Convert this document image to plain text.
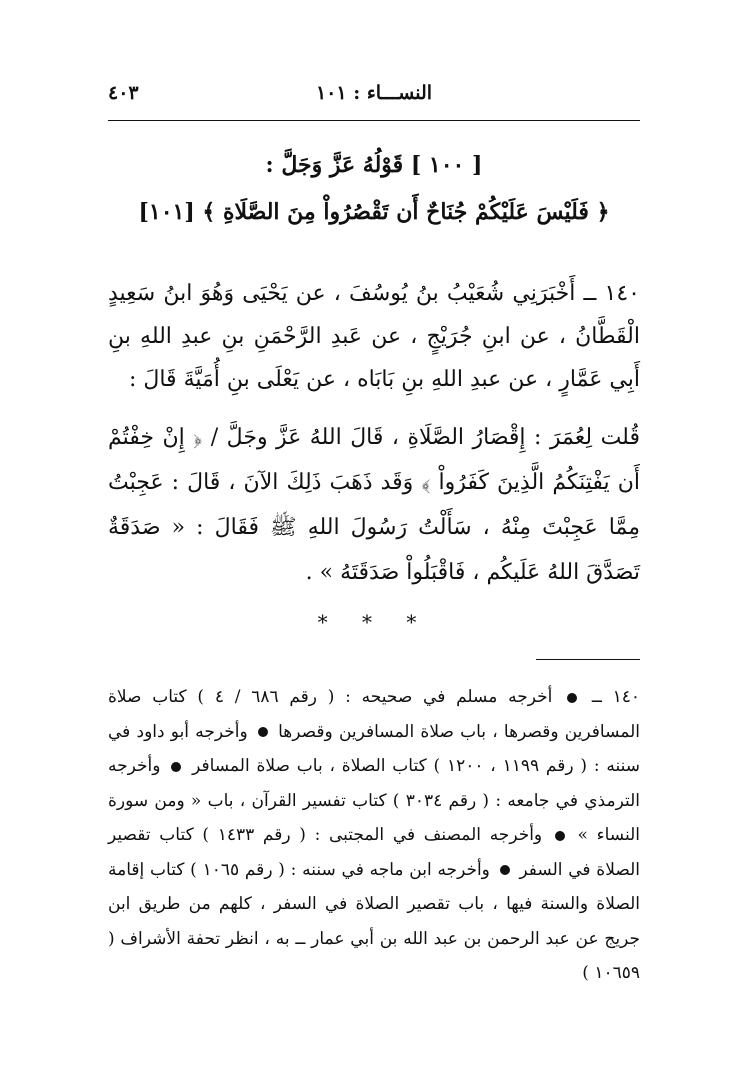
٤٠٣	النســـاء : ١٠١
[ ١٠٠ ] قَوْلُهُ عَزَّ وَجَلَّ :
﴿ فَلَيْسَ عَلَيْكُمْ جُنَاحٌ أَن تَقْصُرُواْ مِنَ الصَّلَاةِ ﴾ [١٠١]
١٤٠ ــ أَخْبَرَنِي شُعَيْبُ بنُ يُوسُفَ ، عن يَحْيَى وَهُوَ ابنُ سَعِيدٍ الْقَطَّانُ ، عن ابنِ جُرَيْجٍ ، عن عَبدِ الرَّحْمَنِ بنِ عبدِ اللهِ بنِ أَبِي عَمَّارٍ ، عن عبدِ اللهِ بنِ بَابَاه ، عن يَعْلَى بنِ أُمَيَّةَ قَالَ :
قُلت لِعُمَرَ : إِقْصَارُ الصَّلَاةِ ، قَالَ اللهُ عَزَّ وجَلَّ / ﴿ إِنْ خِفْتُمْ أَن يَفْتِنَكُمُ الَّذِينَ كَفَرُواْ ﴾ وَقَد ذَهَبَ ذَلِكَ الآنَ ، قَالَ : عَجِبْتُ مِمَّا عَجِبْتَ مِنْهُ ، سَأَلْتُ رَسُولَ اللهِ ﷺ فَقَالَ : « صَدَقَةٌ تَصَدَّقَ اللهُ عَلَيكُم ، فَاقْبَلُواْ صَدَقَتَهُ » .
* * *
١٤٠ ــ  أخرجه مسلم في صحيحه : ( رقم ٦٨٦ / ٤ ) كتاب صلاة المسافرين وقصرها ، باب صلاة المسافرين وقصرها  وأخرجه أبو داود في سننه : ( رقم ١١٩٩ ، ١٢٠٠ ) كتاب الصلاة ، باب صلاة المسافر  وأخرجه الترمذي في جامعه : ( رقم ٣٠٣٤ ) كتاب تفسير القرآن ، باب « ومن سورة النساء »  وأخرجه المصنف في المجتبى : ( رقم ١٤٣٣ ) كتاب تقصير الصلاة في السفر  وأخرجه ابن ماجه في سننه : ( رقم ١٠٦٥ ) كتاب إقامة الصلاة والسنة فيها ، باب تقصير الصلاة في السفر ، كلهم من طريق ابن جريج عن عبد الرحمن بن عبد الله بن أبي عمار ــ به ، انظر تحفة الأشراف ( ١٠٦٥٩ )
